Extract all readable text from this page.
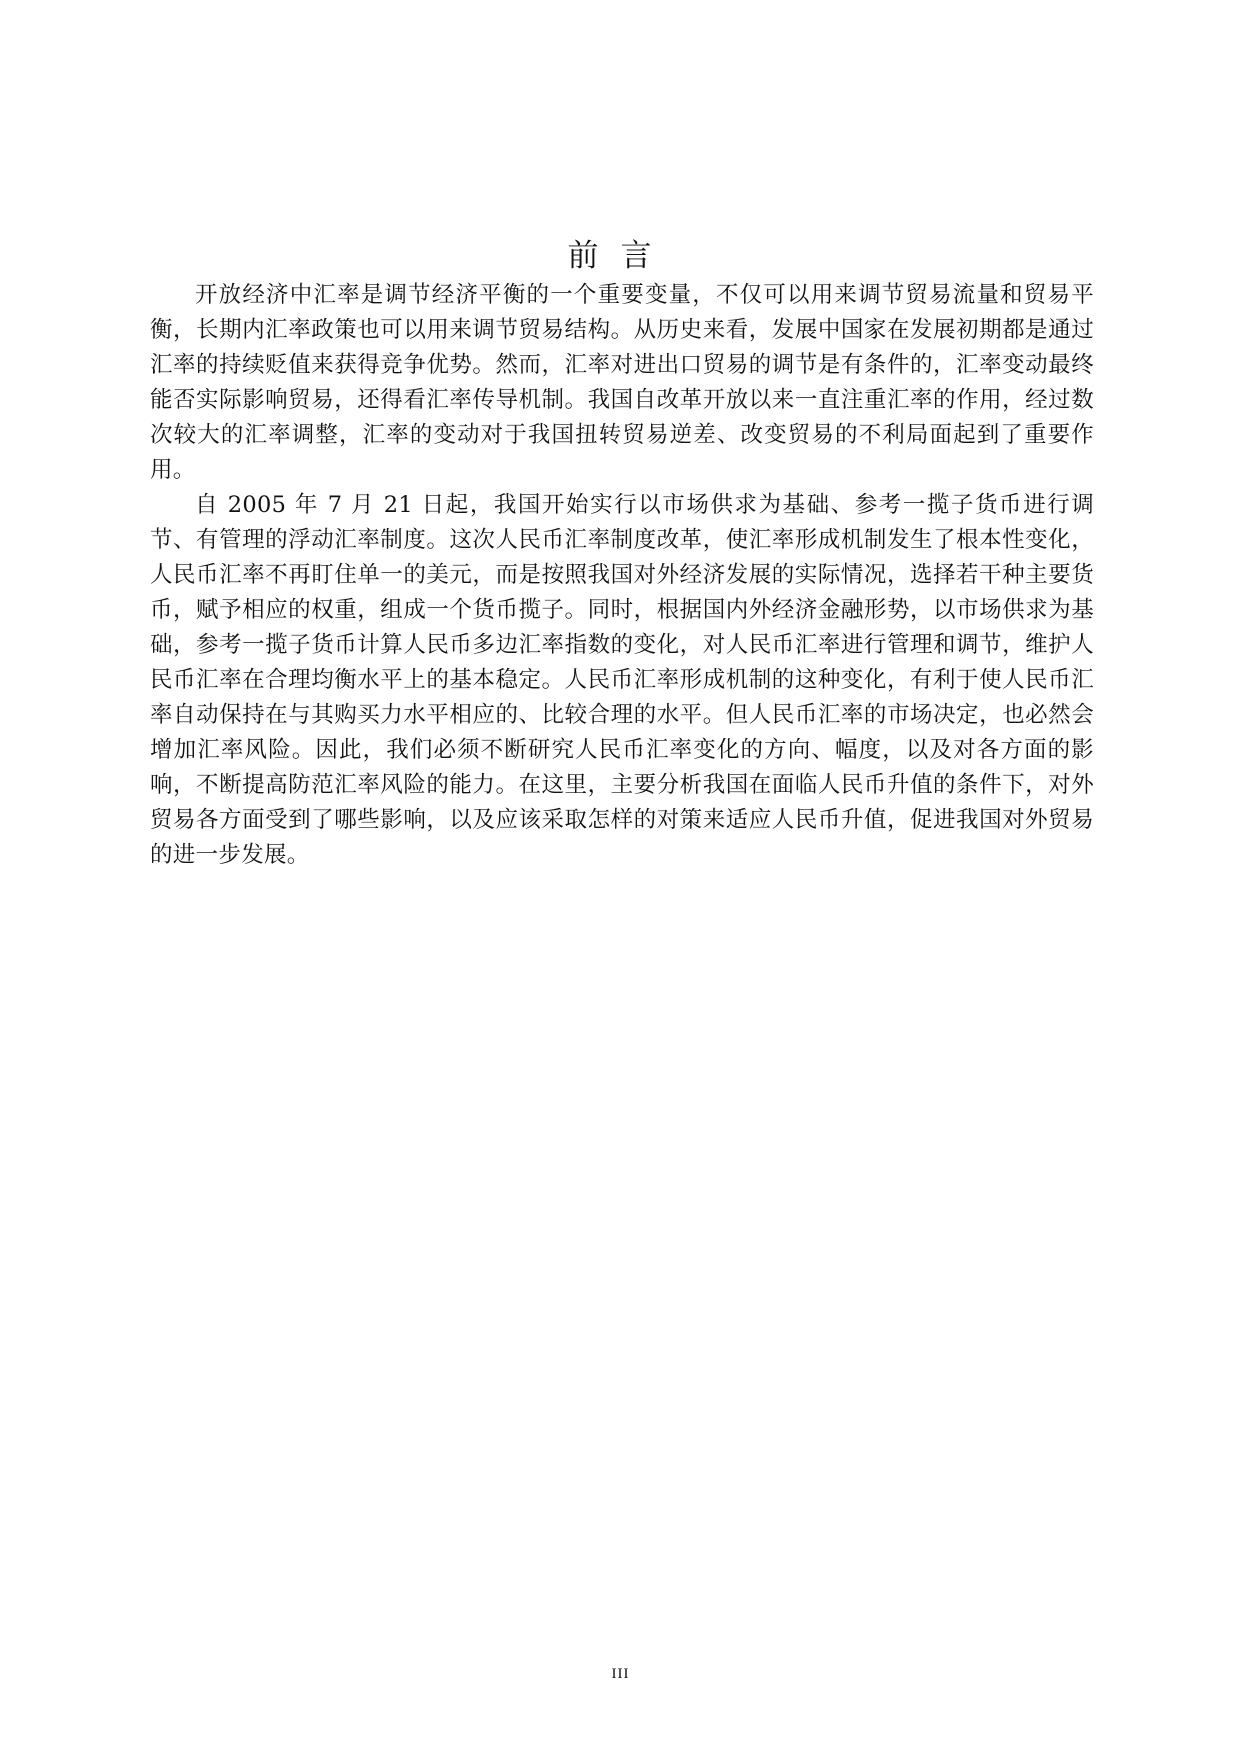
前言

开放经济中汇率是调节经济平衡的一个重要变量，不仅可以用来调节贸易流量和贸易平衡，长期内汇率政策也可以用来调节贸易结构。从历史来看，发展中国家在发展初期都是通过汇率的持续贬值来获得竞争优势。然而，汇率对进出口贸易的调节是有条件的，汇率变动最终能否实际影响贸易，还得看汇率传导机制。我国自改革开放以来一直注重汇率的作用，经过数次较大的汇率调整，汇率的变动对于我国扭转贸易逆差、改变贸易的不利局面起到了重要作用。

自 2005 年 7 月 21 日起，我国开始实行以市场供求为基础、参考一揽子货币进行调节、有管理的浮动汇率制度。这次人民币汇率制度改革，使汇率形成机制发生了根本性变化，人民币汇率不再盯住单一的美元，而是按照我国对外经济发展的实际情况，选择若干种主要货币，赋予相应的权重，组成一个货币揽子。同时，根据国内外经济金融形势，以市场供求为基础，参考一揽子货币计算人民币多边汇率指数的变化，对人民币汇率进行管理和调节，维护人民币汇率在合理均衡水平上的基本稳定。人民币汇率形成机制的这种变化，有利于使人民币汇率自动保持在与其购买力水平相应的、比较合理的水平。但人民币汇率的市场决定，也必然会增加汇率风险。因此，我们必须不断研究人民币汇率变化的方向、幅度，以及对各方面的影响，不断提高防范汇率风险的能力。在这里，主要分析我国在面临人民币升值的条件下，对外贸易各方面受到了哪些影响，以及应该采取怎样的对策来适应人民币升值，促进我国对外贸易的进一步发展。

III
